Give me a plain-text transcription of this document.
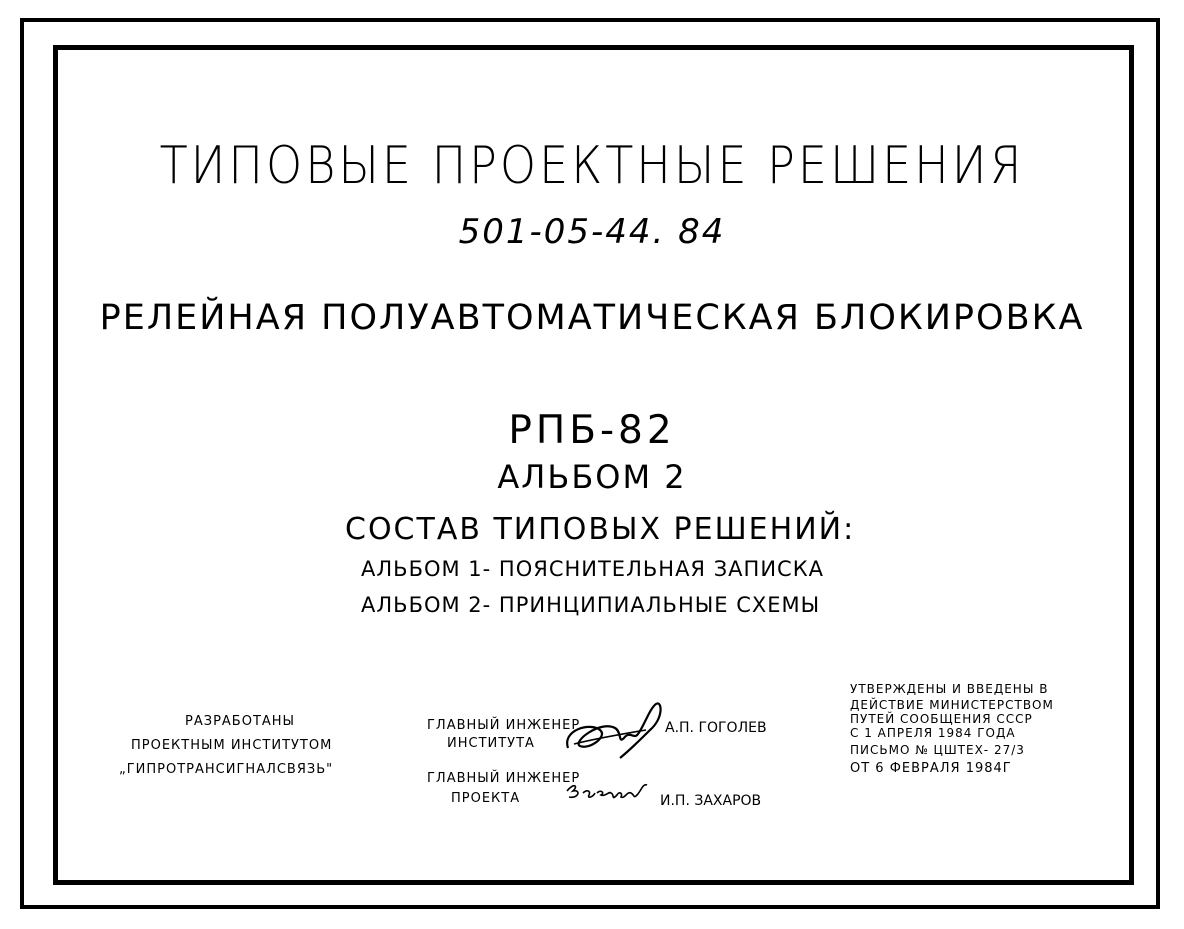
ТИПОВЫЕ ПРОЕКТНЫЕ РЕШЕНИЯ
501-05-44. 84
РЕЛЕЙНАЯ ПОЛУАВТОМАТИЧЕСКАЯ БЛОКИРОВКА
РПБ-82
АЛЬБОМ 2
СОСТАВ ТИПОВЫХ РЕШЕНИЙ:
АЛЬБОМ 1- ПОЯСНИТЕЛЬНАЯ ЗАПИСКА
АЛЬБОМ 2- ПРИНЦИПИАЛЬНЫЕ СХЕМЫ
РАЗРАБОТАНЫ
ПРОЕКТНЫМ ИНСТИТУТОМ
„ГИПРОТРАНСИГНАЛСВЯЗЬ"
ГЛАВНЫЙ ИНЖЕНЕР
ИНСТИТУТА
А.П. ГОГОЛЕВ
ГЛАВНЫЙ ИНЖЕНЕР
ПРОЕКТА	И.П. ЗАХАРОВ
УТВЕРЖДЕНЫ И ВВЕДЕНЫ В
ДЕЙСТВИЕ МИНИСТЕРСТВОМ
ПУТЕЙ СООБЩЕНИЯ СССР
С 1 АПРЕЛЯ 1984 ГОДА
ПИСЬМО № ЦШТЕХ- 27/3
ОТ 6 ФЕВРАЛЯ 1984Г
